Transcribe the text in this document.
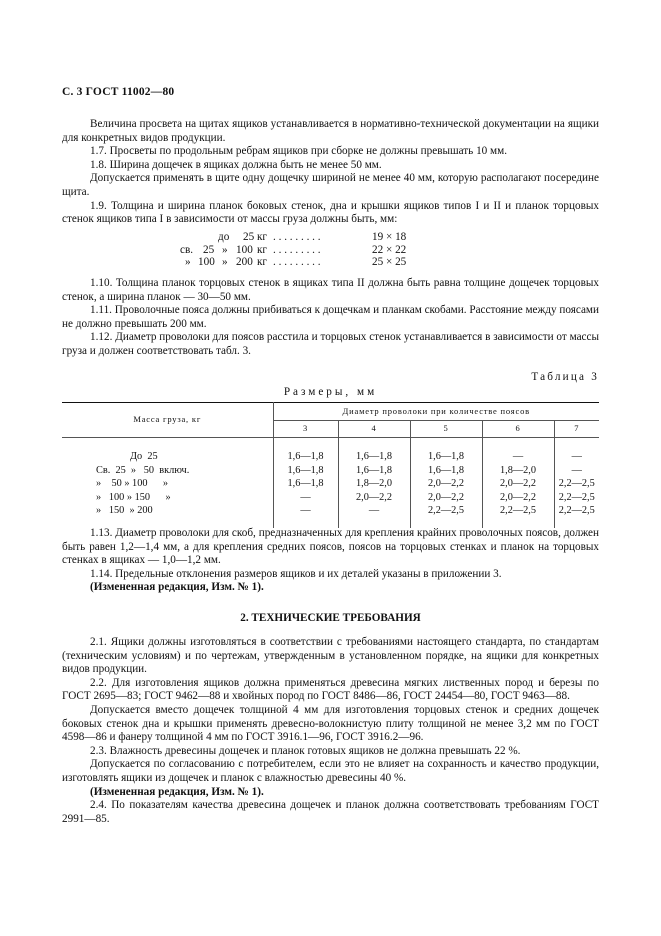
С. 3 ГОСТ 11002—80

Величина просвета на щитах ящиков устанавливается в нормативно-технической документации на ящики для конкретных видов продукции.

1.7. Просветы по продольным ребрам ящиков при сборке не должны превышать 10 мм.

1.8. Ширина дощечек в ящиках должна быть не менее 50 мм.

Допускается применять в щите одну дощечку шириной не менее 40 мм, которую располагают посередине щита.

1.9. Толщина и ширина планок боковых стенок, дна и крышки ящиков типов I и II и планок торцовых стенок ящиков типа I в зависимости от массы груза должны быть, мм:

до 25 кг . . . . . . . . .	19 × 18
св. 25 » 100 кг . . . . . . . . .	22 × 22
» 100 » 200 кг . . . . . . . . .	25 × 25

1.10. Толщина планок торцовых стенок в ящиках типа II должна быть равна толщине дощечек торцовых стенок, а ширина планок — 30—50 мм.

1.11. Проволочные пояса должны прибиваться к дощечкам и планкам скобами. Расстояние между поясами не должно превышать 200 мм.

1.12. Диаметр проволоки для поясов расстила и торцовых стенок устанавливается в зависимости от массы груза и должен соответствовать табл. 3.

Таблица 3
Размеры, мм
Масса груза, кг	Диаметр проволоки при количестве поясов				
	3	4	5	6	7
До  25	1,6—1,8	1,6—1,8	1,6—1,8	—	—
Св.  25  »   50  включ.	1,6—1,8	1,6—1,8	1,6—1,8	1,8—2,0	—
»    50 » 100      »	1,6—1,8	1,8—2,0	2,0—2,2	2,0—2,2	2,2—2,5
»   100 » 150      »	—	2,0—2,2	2,0—2,2	2,0—2,2	2,2—2,5
»   150  » 200	—	—	2,2—2,5	2,2—2,5	2,2—2,5

1.13. Диаметр проволоки для скоб, предназначенных для крепления крайних проволочных поясов, должен быть равен 1,2—1,4 мм, а для крепления средних поясов, поясов на торцовых стенках и планок на торцовых стенках в ящиках — 1,0—1,2 мм.

1.14. Предельные отклонения размеров ящиков и их деталей указаны в приложении 3.

(Измененная редакция, Изм. № 1).

2. ТЕХНИЧЕСКИЕ ТРЕБОВАНИЯ

2.1. Ящики должны изготовляться в соответствии с требованиями настоящего стандарта, по стандартам (техническим условиям) и по чертежам, утвержденным в установленном порядке, на ящики для конкретных видов продукции.

2.2. Для изготовления ящиков должна применяться древесина мягких лиственных пород и березы по ГОСТ 2695—83; ГОСТ 9462—88 и хвойных пород по ГОСТ 8486—86, ГОСТ 24454—80, ГОСТ 9463—88.

Допускается вместо дощечек толщиной 4 мм для изготовления торцовых стенок и средних дощечек боковых стенок дна и крышки применять древесно-волокнистую плиту толщиной не менее 3,2 мм по ГОСТ 4598—86 и фанеру толщиной 4 мм по ГОСТ 3916.1—96, ГОСТ 3916.2—96.

2.3. Влажность древесины дощечек и планок готовых ящиков не должна превышать 22 %.

Допускается по согласованию с потребителем, если это не влияет на сохранность и качество продукции, изготовлять ящики из дощечек и планок с влажностью древесины 40 %.

(Измененная редакция, Изм. № 1).

2.4. По показателям качества древесина дощечек и планок должна соответствовать требованиям ГОСТ 2991—85.
